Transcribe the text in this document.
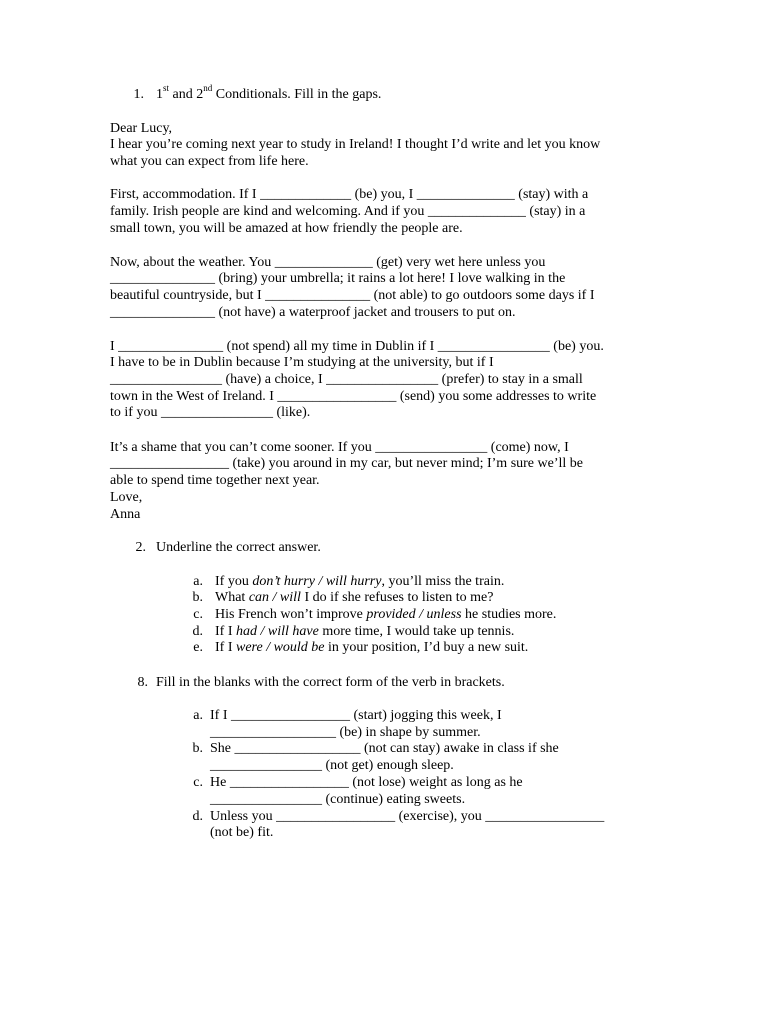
1. 1st and 2nd Conditionals. Fill in the gaps.
Dear Lucy,
I hear you’re coming next year to study in Ireland! I thought I’d write and let you know
what you can expect from life here.
First, accommodation. If I _____________ (be) you, I ______________ (stay) with a
family. Irish people are kind and welcoming. And if you ______________ (stay) in a
small town, you will be amazed at how friendly the people are.
Now, about the weather. You ______________ (get) very wet here unless you
_______________ (bring) your umbrella; it rains a lot here! I love walking in the
beautiful countryside, but I _______________ (not able) to go outdoors some days if I
_______________ (not have) a waterproof jacket and trousers to put on.
I _______________ (not spend) all my time in Dublin if I ________________ (be) you.
I have to be in Dublin because I’m studying at the university, but if I
________________ (have) a choice, I ________________ (prefer) to stay in a small
town in the West of Ireland. I _________________ (send) you some addresses to write
to if you ________________ (like).
It’s a shame that you can’t come sooner. If you ________________ (come) now, I
_________________ (take) you around in my car, but never mind; I’m sure we’ll be
able to spend time together next year.
Love,
Anna
2. Underline the correct answer.
a. If you don’t hurry / will hurry, you’ll miss the train.
b. What can / will I do if she refuses to listen to me?
c. His French won’t improve provided / unless he studies more.
d. If I had / will have more time, I would take up tennis.
e. If I were / would be in your position, I’d buy a new suit.
8. Fill in the blanks with the correct form of the verb in brackets.
a. If I _________________ (start) jogging this week, I
__________________ (be) in shape by summer.
b. She __________________ (not can stay) awake in class if she
________________ (not get) enough sleep.
c. He _________________ (not lose) weight as long as he
________________ (continue) eating sweets.
d. Unless you _________________ (exercise), you _________________
(not be) fit.
